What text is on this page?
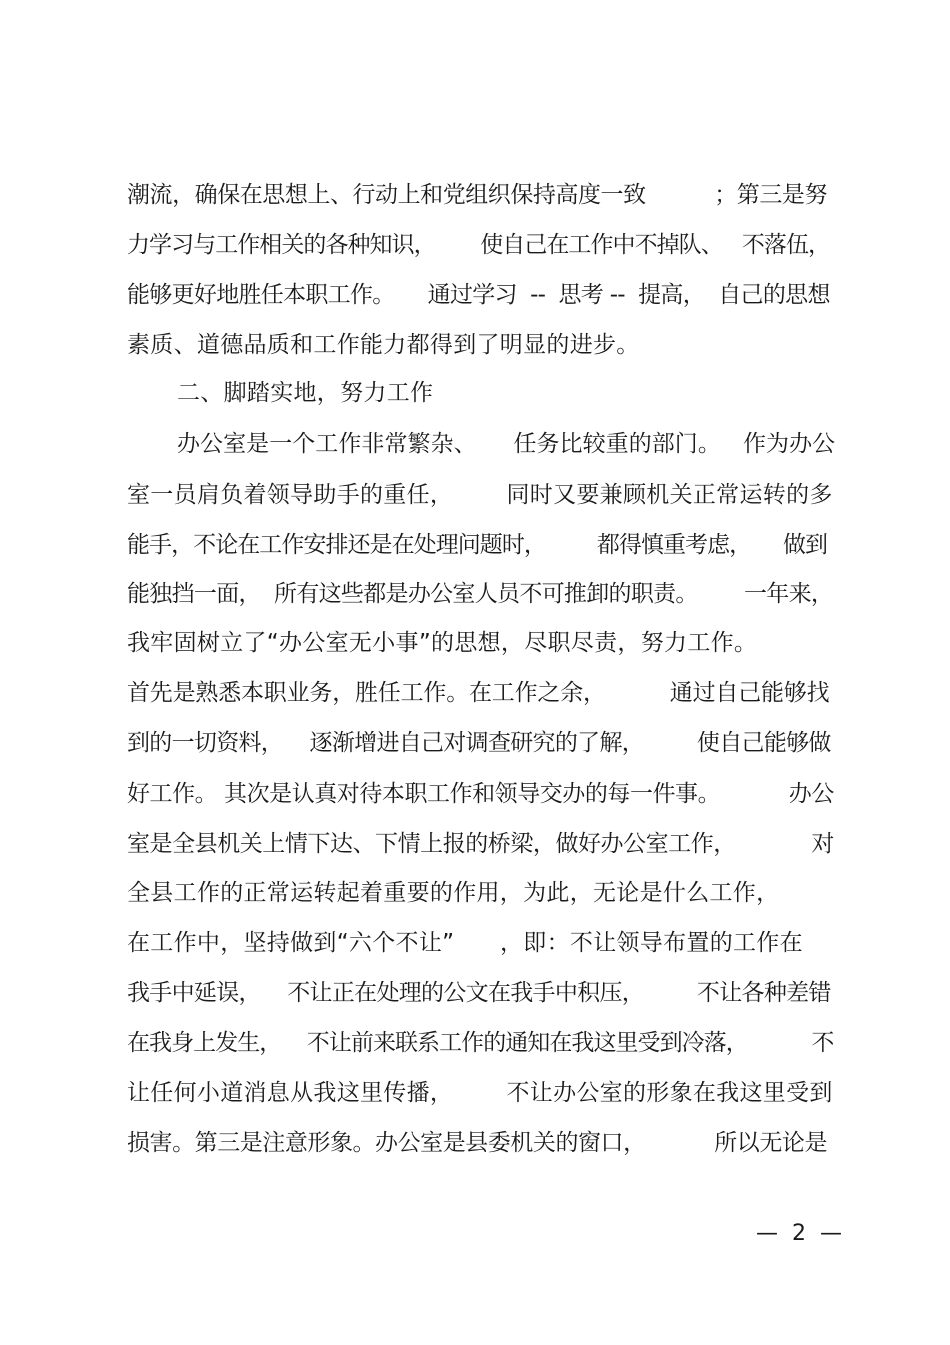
潮流，确保在思想上、行动上和党组织保持高度一致          ；第三是努
力学习与工作相关的各种知识，       使自己在工作中不掉队、   不落伍，
能够更好地胜任本职工作。     通过学习  --  思考 --  提高，  自己的思想
素质、道德品质和工作能力都得到了明显的进步。
二、脚踏实地，努力工作
办公室是一个工作非常繁杂、     任务比较重的部门。   作为办公
室一员肩负着领导助手的重任，       同时又要兼顾机关正常运转的多
能手，不论在工作安排还是在处理问题时，        都得慎重考虑，     做到
能独挡一面，  所有这些都是办公室人员不可推卸的职责。       一年来，
我牢固树立了“办公室无小事”的思想，尽职尽责，努力工作。
首先是熟悉本职业务，胜任工作。在工作之余，         通过自己能够找
到的一切资料，    逐渐增进自己对调查研究的了解，        使自己能够做
好工作。 其次是认真对待本职工作和领导交办的每一件事。          办公
室是全县机关上情下达、下情上报的桥梁，做好办公室工作，           对
全县工作的正常运转起着重要的作用，为此，无论是什么工作，
在工作中，坚持做到“六个不让”      ，即：不让领导布置的工作在
我手中延误，    不让正在处理的公文在我手中积压，        不让各种差错
在我身上发生，    不让前来联系工作的通知在我这里受到冷落，          不
让任何小道消息从我这里传播，       不让办公室的形象在我这里受到
损害。第三是注意形象。办公室是县委机关的窗口，          所以无论是
—  2  —
